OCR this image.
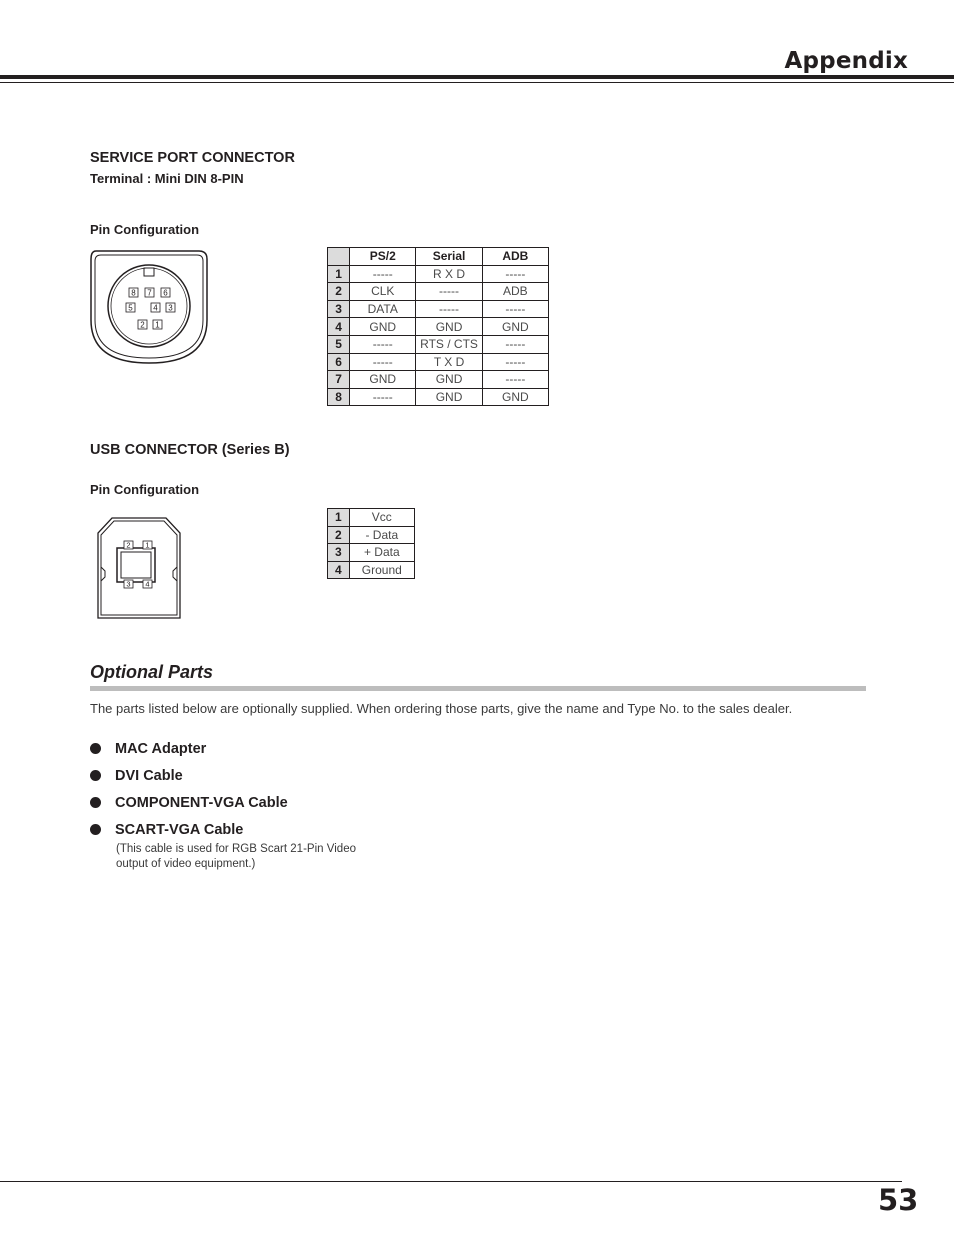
Appendix
SERVICE PORT CONNECTOR
Terminal : Mini DIN 8-PIN
Pin Configuration
8 7 6
5	4 3
2 1
	PS/2	Serial	ADB
1	-----	R X D	-----
2	CLK	-----	ADB
3	DATA	-----	-----
4	GND	GND	GND
5	-----	RTS / CTS	-----
6	-----	T X D	-----
7	GND	GND	-----
8	-----	GND	GND
USB CONNECTOR (Series B)
Pin Configuration
2 1
3 4
1	Vcc
2	- Data
3	+ Data
4	Ground
Optional Parts
The parts listed below are optionally supplied. When ordering those parts, give the name and Type No. to the sales dealer.
MAC Adapter
DVI Cable
COMPONENT-VGA Cable
SCART-VGA Cable
(This cable is used for RGB Scart 21-Pin Video output of video equipment.)
53
